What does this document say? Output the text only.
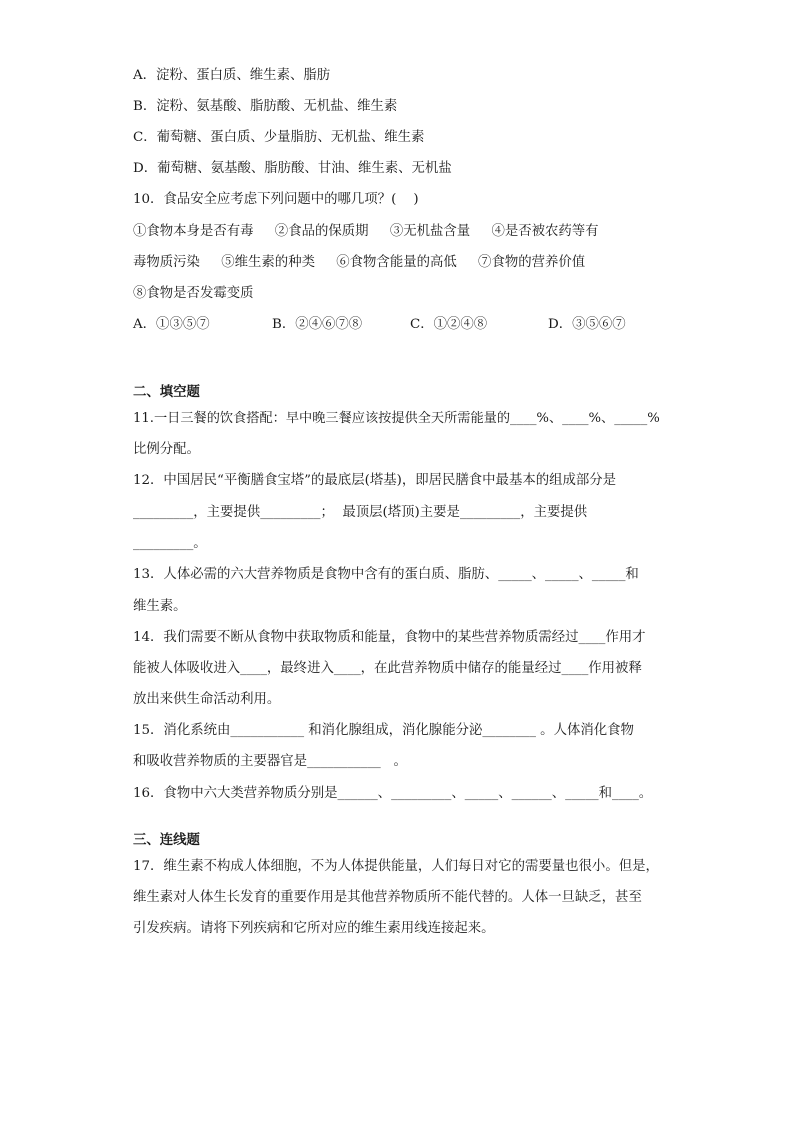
A．淀粉、蛋白质、维生素、脂肪
B．淀粉、氨基酸、脂肪酸、无机盐、维生素
C．葡萄糖、蛋白质、少量脂肪、无机盐、维生素
D．葡萄糖、氨基酸、脂肪酸、甘油、维生素、无机盐
10．食品安全应考虑下列问题中的哪几项？(    )
①食物本身是否有毒     ②食品的保质期     ③无机盐含量     ④是否被农药等有
毒物质污染     ⑤维生素的种类     ⑥食物含能量的高低     ⑦食物的营养价值
⑧食物是否发霉变质
A．①③⑤⑦	B．②④⑥⑦⑧	C．①②④⑧	D．③⑤⑥⑦
二、填空题
11.一日三餐的饮食搭配：早中晚三餐应该按提供全天所需能量的____%、____%、_____%
比例分配。
12．中国居民“平衡膳食宝塔”的最底层(塔基)，即居民膳食中最基本的组成部分是
_________，主要提供_________；  最顶层(塔顶)主要是_________，主要提供
_________。
13．人体必需的六大营养物质是食物中含有的蛋白质、脂肪、_____、_____、_____和
维生素。
14．我们需要不断从食物中获取物质和能量，食物中的某些营养物质需经过____作用才
能被人体吸收进入____，最终进入____，在此营养物质中储存的能量经过____作用被释
放出来供生命活动利用。
15．消化系统由___________ 和消化腺组成，消化腺能分泌________ 。人体消化食物
和吸收营养物质的主要器官是___________   。
16．食物中六大类营养物质分别是______、_________、_____、______、_____和____。
三、连线题
17．维生素不构成人体细胞，不为人体提供能量，人们每日对它的需要量也很小。但是，
维生素对人体生长发育的重要作用是其他营养物质所不能代替的。人体一旦缺乏，甚至
引发疾病。请将下列疾病和它所对应的维生素用线连接起来。
